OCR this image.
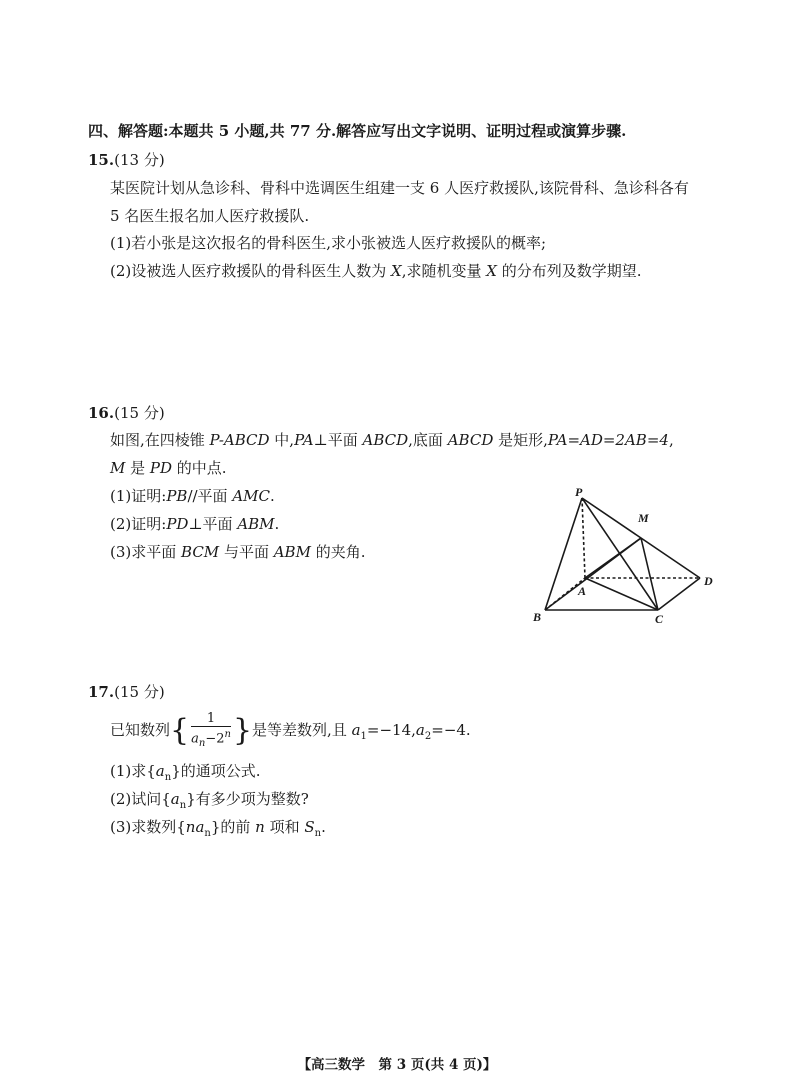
四、解答题:本题共 5 小题,共 77 分.解答应写出文字说明、证明过程或演算步骤.
15.(13 分)
某医院计划从急诊科、骨科中选调医生组建一支 6 人医疗救援队,该院骨科、急诊科各有
5 名医生报名加人医疗救援队.
(1)若小张是这次报名的骨科医生,求小张被选人医疗救援队的概率;
(2)设被选人医疗救援队的骨科医生人数为 X,求随机变量 X 的分布列及数学期望.
16.(15 分)
如图,在四棱锥 P-ABCD 中,PA⊥平面 ABCD,底面 ABCD 是矩形,PA=AD=2AB=4,
M 是 PD 的中点.
(1)证明:PB//平面 AMC.
(2)证明:PD⊥平面 ABM.
(3)求平面 BCM 与平面 ABM 的夹角.
P
M
A
B	C
D
17.(15 分)
已知数列{ $\frac{1}{a_n-2^n}$ }是等差数列,且 $a_1=-14,a_2=-4$.
(1)求$\{a_n\}$的通项公式.
(2)试问$\{a_n\}$有多少项为整数?
(3)求数列$\{na_n\}$的前 n 项和 $S_n$.
【高三数学　第 3 页(共 4 页)】
